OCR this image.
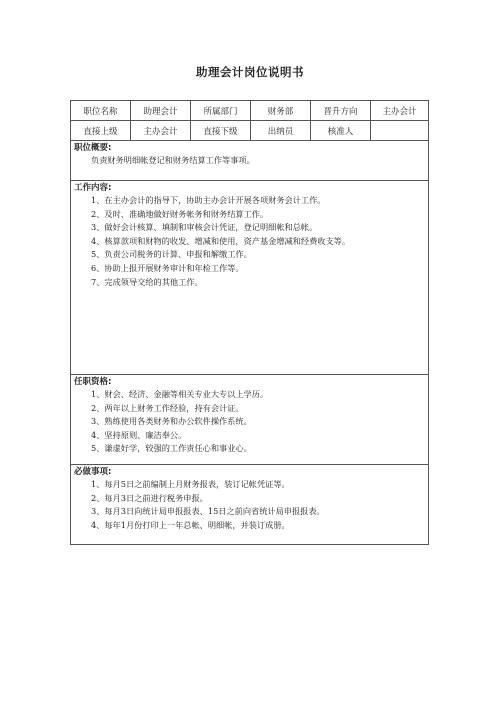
助理会计岗位说明书
职位名称	助理会计	所属部门	财务部	晋升方向	主办会计
直接上级	主办会计	直接下级	出纳员	核准人
职位概要:
负责财务明细帐登记和财务结算工作等事项。
工作内容:
1、在主办会计的指导下，协助主办会计开展各项财务会计工作。
2、及时、准确地做好财务帐务和财务结算工作。
3、做好会计核算、填制和审核会计凭证，登记明细帐和总帐。
4、核算款项和财物的收发、增减和使用，资产基金增减和经费收支等。
5、负责公司税务的计算、申报和解缴工作。
6、协助上报开展财务审计和年检工作等。
7、完成领导交给的其他工作。
任职资格:
1、财会、经济、金融等相关专业大专以上学历。
2、两年以上财务工作经验，持有会计证。
3、熟练使用各类财务和办公软件操作系统。
4、坚持原则、廉洁奉公。
5、谦虚好学，较强的工作责任心和事业心。
必做事项:
1、每月5日之前编制上月财务报表，装订记帐凭证等。
2、每月3日之前进行税务申报。
3、每月3日向统计局申报报表、15日之前向省统计局申报报表。
4、每年1月份打印上一年总帐、明细帐，并装订成册。
